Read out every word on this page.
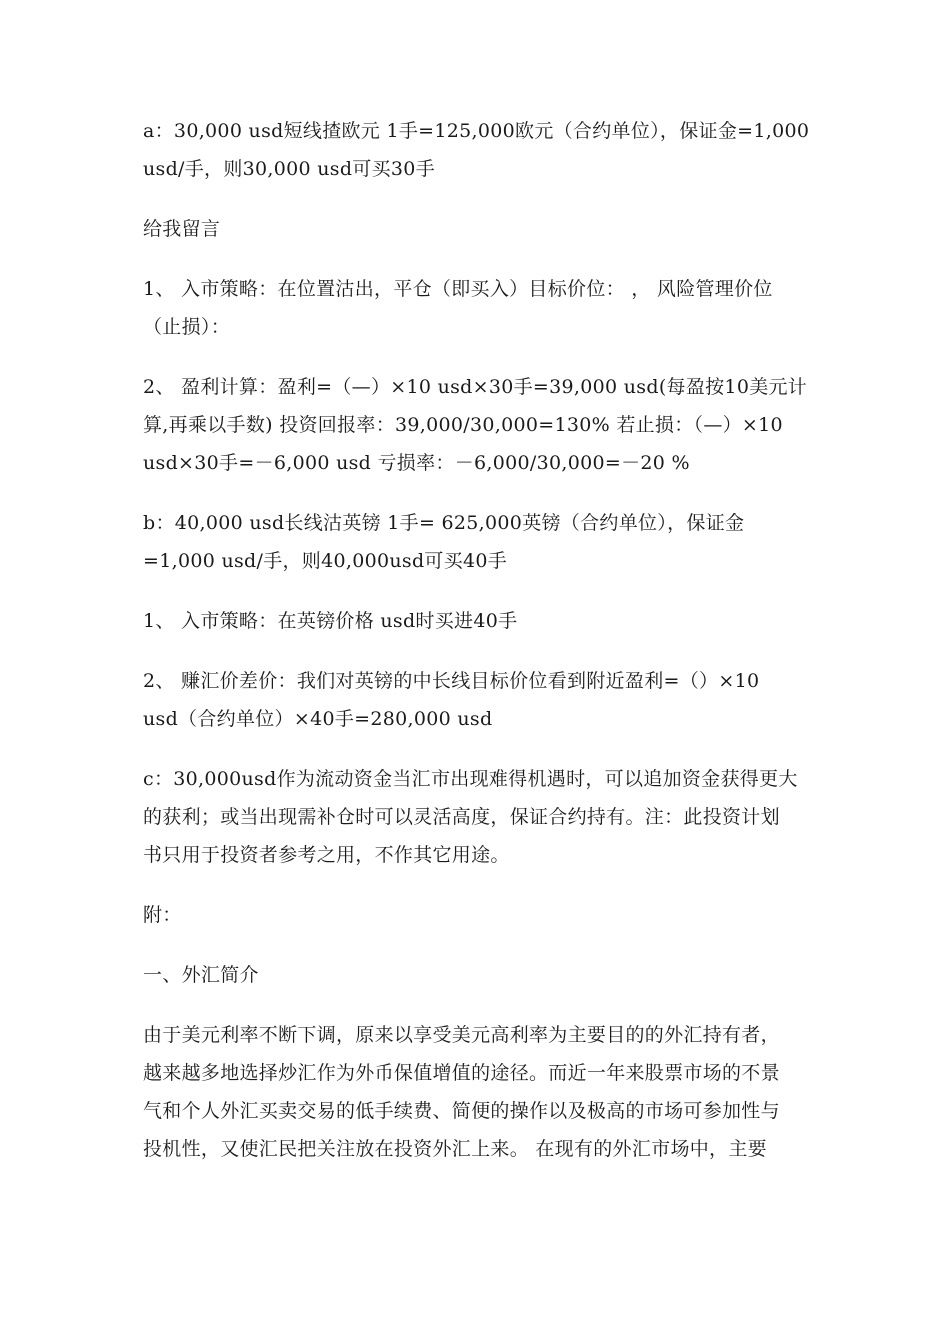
a：30,000 usd短线揸欧元 1手=125,000欧元（合约单位），保证金=1,000
usd/手，则30,000 usd可买30手

给我留言

1、 入市策略：在位置沽出，平仓（即买入）目标价位： ， 风险管理价位
（止损）：

2、 盈利计算：盈利=（—）×10 usd×30手=39,000 usd(每盈按10美元计
算,再乘以手数) 投资回报率：39,000/30,000=130% 若止损：（—）×10
usd×30手=－6,000 usd 亏损率：－6,000/30,000=－20 %

b：40,000 usd长线沽英镑 1手= 625,000英镑（合约单位），保证金
=1,000 usd/手，则40,000usd可买40手

1、 入市策略：在英镑价格 usd时买进40手

2、 赚汇价差价：我们对英镑的中长线目标价位看到附近盈利=（）×10
usd（合约单位）×40手=280,000 usd

c：30,000usd作为流动资金当汇市出现难得机遇时，可以追加资金获得更大
的获利；或当出现需补仓时可以灵活高度，保证合约持有。注：此投资计划
书只用于投资者参考之用，不作其它用途。

附：

一、外汇简介

由于美元利率不断下调，原来以享受美元高利率为主要目的的外汇持有者，
越来越多地选择炒汇作为外币保值增值的途径。而近一年来股票市场的不景
气和个人外汇买卖交易的低手续费、简便的操作以及极高的市场可参加性与
投机性，又使汇民把关注放在投资外汇上来。 在现有的外汇市场中，主要
